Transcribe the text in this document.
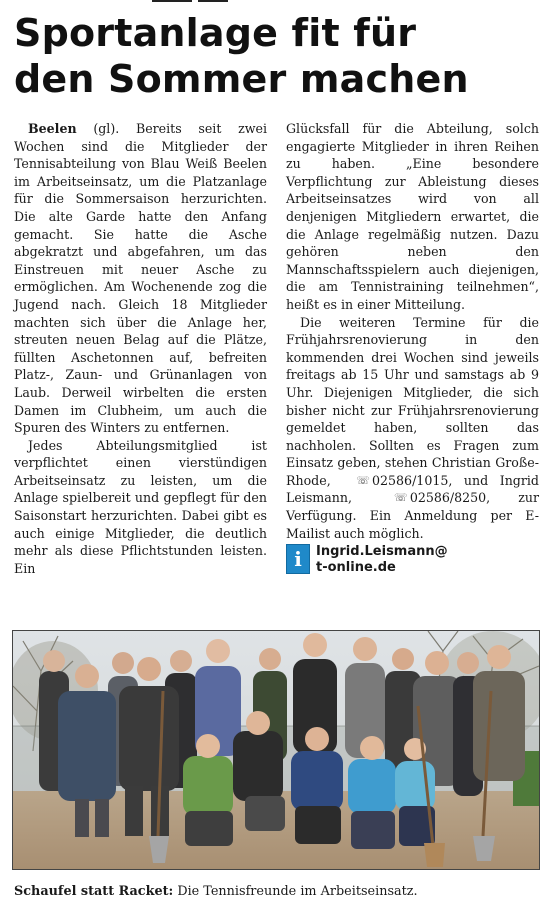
Sportanlage fit für
den Sommer machen

Beelen (gl). Bereits seit zwei Wochen sind die Mitglieder der Tennisabteilung von Blau Weiß Beelen im Arbeitseinsatz, um die Platzanlage für die Sommersaison herzurichten. Die alte Garde hatte den Anfang gemacht. Sie hatte die Asche abgekratzt und abgefahren, um das Einstreuen mit neuer Asche zu ermöglichen. Am Wochenende zog die Jugend nach. Gleich 18 Mitglieder machten sich über die Anlage her, streuten neuen Belag auf die Plätze, füllten Aschetonnen auf, befreiten Platz-, Zaun- und Grünanlagen von Laub. Derweil wirbelten die ersten Damen im Clubheim, um auch die Spuren des Winters zu entfernen.

Jedes Abteilungsmitglied ist verpflichtet einen vierstündigen Arbeitseinsatz zu leisten, um die Anlage spielbereit und gepflegt für den Saisonstart herzurichten. Dabei gibt es auch einige Mitglieder, die deutlich mehr als diese Pflichtstunden leisten. Ein

Glücksfall für die Abteilung, solch engagierte Mitglieder in ihren Reihen zu haben. „Eine besondere Verpflichtung zur Ableistung dieses Arbeitseinsatzes wird von all denjenigen Mitgliedern erwartet, die die Anlage regelmäßig nutzen. Dazu gehören neben den Mannschaftsspielern auch diejenigen, die am Tennistraining teilnehmen“, heißt es in einer Mitteilung.

Die weiteren Termine für die Frühjahrsrenovierung in den kommenden drei Wochen sind jeweils freitags ab 15 Uhr und samstags ab 9 Uhr. Diejenigen Mitglieder, die sich bisher nicht zur Frühjahrsrenovierung gemeldet haben, sollten das nachholen. Sollten es Fragen zum Einsatz geben, stehen Christian Große-Rhode, ☏ 02586/1015, und Ingrid Leismann, ☏ 02586/8250, zur Verfügung. Ein Anmeldung per E-Mailist auch möglich.

i	Ingrid.Leismann@
t-online.de
Schaufel statt Racket: Die Tennisfreunde im Arbeitseinsatz.
